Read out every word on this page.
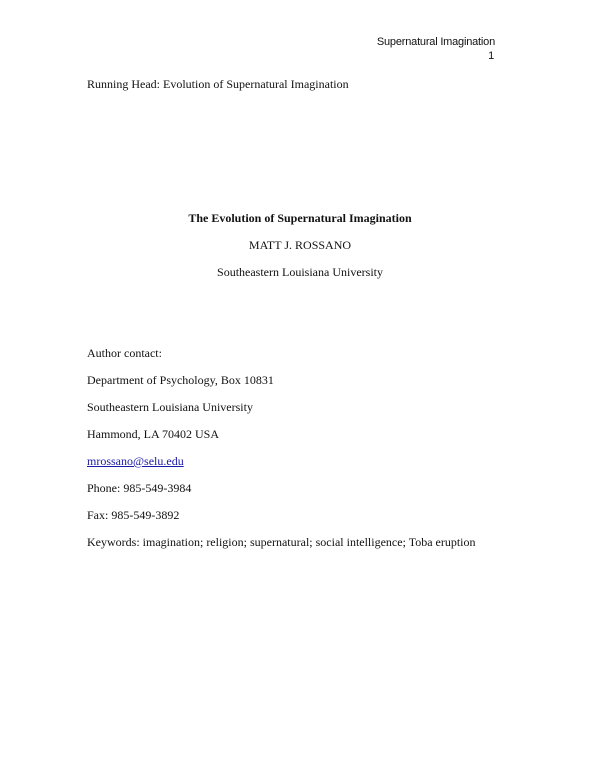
Supernatural Imagination
1
Running Head: Evolution of Supernatural Imagination
The Evolution of Supernatural Imagination
MATT J. ROSSANO
Southeastern Louisiana University
Author contact:
Department of Psychology, Box 10831
Southeastern Louisiana University
Hammond, LA 70402 USA
mrossano@selu.edu
Phone: 985-549-3984
Fax: 985-549-3892
Keywords: imagination; religion; supernatural; social intelligence; Toba eruption
